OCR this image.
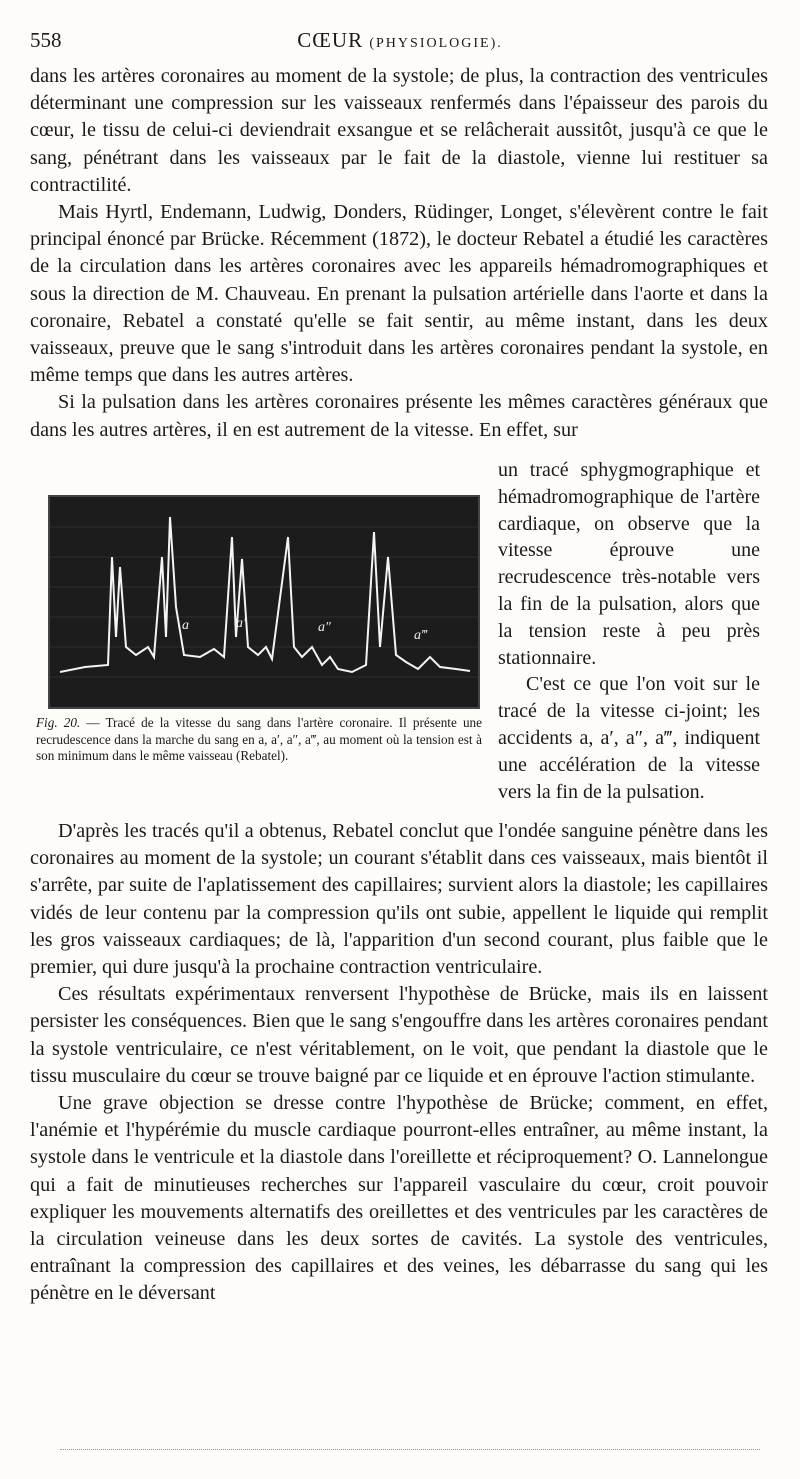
558	CŒUR (PHYSIOLOGIE).

dans les artères coronaires au moment de la systole; de plus, la contraction des ventricules déterminant une compression sur les vaisseaux renfermés dans l'épaisseur des parois du cœur, le tissu de celui-ci deviendrait exsangue et se relâcherait aussitôt, jusqu'à ce que le sang, pénétrant dans les vaisseaux par le fait de la diastole, vienne lui restituer sa contractilité.

Mais Hyrtl, Endemann, Ludwig, Donders, Rüdinger, Longet, s'élevèrent contre le fait principal énoncé par Brücke. Récemment (1872), le docteur Rebatel a étudié les caractères de la circulation dans les artères coronaires avec les appareils hémadromographiques et sous la direction de M. Chauveau. En prenant la pulsation artérielle dans l'aorte et dans la coronaire, Rebatel a constaté qu'elle se fait sentir, au même instant, dans les deux vaisseaux, preuve que le sang s'introduit dans les artères coronaires pendant la systole, en même temps que dans les autres artères.

Si la pulsation dans les artères coronaires présente les mêmes caractères généraux que dans les autres artères, il en est autrement de la vitesse. En effet, sur

a	a′	a″
a‴
Fig. 20. — Tracé de la vitesse du sang dans l'artère coronaire. Il présente une recrudescence dans la marche du sang en a, a′, a″, a‴, au moment où la tension est à son minimum dans le même vaisseau (Rebatel).

un tracé sphygmographique et hémadromographique de l'artère cardiaque, on observe que la vitesse éprouve une recrudescence très-notable vers la fin de la pulsation, alors que la tension reste à peu près stationnaire.

C'est ce que l'on voit sur le tracé de la vitesse ci-joint; les accidents a, a′, a″, a‴, indiquent une accélération de la vitesse vers la fin de la pulsation.

D'après les tracés qu'il a obtenus, Rebatel conclut que l'ondée sanguine pénètre dans les coronaires au moment de la systole; un courant s'établit dans ces vaisseaux, mais bientôt il s'arrête, par suite de l'aplatissement des capillaires; survient alors la diastole; les capillaires vidés de leur contenu par la compression qu'ils ont subie, appellent le liquide qui remplit les gros vaisseaux cardiaques; de là, l'apparition d'un second courant, plus faible que le premier, qui dure jusqu'à la prochaine contraction ventriculaire.

Ces résultats expérimentaux renversent l'hypothèse de Brücke, mais ils en laissent persister les conséquences. Bien que le sang s'engouffre dans les artères coronaires pendant la systole ventriculaire, ce n'est véritablement, on le voit, que pendant la diastole que le tissu musculaire du cœur se trouve baigné par ce liquide et en éprouve l'action stimulante.

Une grave objection se dresse contre l'hypothèse de Brücke; comment, en effet, l'anémie et l'hypérémie du muscle cardiaque pourront-elles entraîner, au même instant, la systole dans le ventricule et la diastole dans l'oreillette et réciproquement? O. Lannelongue qui a fait de minutieuses recherches sur l'appareil vasculaire du cœur, croit pouvoir expliquer les mouvements alternatifs des oreillettes et des ventricules par les caractères de la circulation veineuse dans les deux sortes de cavités. La systole des ventricules, entraînant la compression des capillaires et des veines, les débarrasse du sang qui les pénètre en le déversant
